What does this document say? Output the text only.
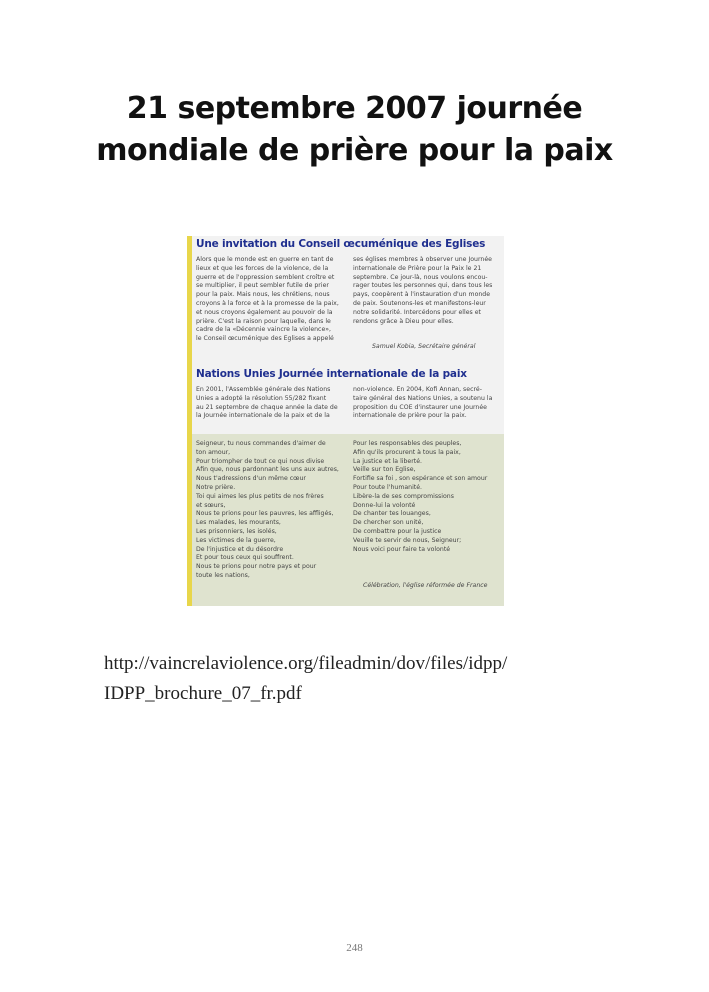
21 septembre 2007 journée mondiale de prière pour la paix
Une invitation du Conseil œcuménique des Eglises
Alors que le monde est en guerre en tant de
lieux et que les forces de la violence, de la
guerre et de l'oppression semblent croître et
se multiplier, il peut sembler futile de prier
pour la paix. Mais nous, les chrétiens, nous
croyons à la force et à la promesse de la paix,
et nous croyons également au pouvoir de la
prière. C'est la raison pour laquelle, dans le
cadre de la «Décennie vaincre la violence»,
le Conseil œcuménique des Eglises a appelé
ses églises membres à observer une Journée
internationale de Prière pour la Paix le 21
septembre. Ce jour-là, nous voulons encou-
rager toutes les personnes qui, dans tous les
pays, coopèrent à l'instauration d'un monde
de paix. Soutenons-les et manifestons-leur
notre solidarité. Intercédons pour elles et
rendons grâce à Dieu pour elles.
Samuel Kobia, Secrétaire général
Nations Unies Journée internationale de la paix
En 2001, l'Assemblée générale des Nations
Unies a adopté la résolution 55/282 fixant
au 21 septembre de chaque année la date de
la Journée internationale de la paix et de la
non-violence. En 2004, Kofi Annan, secré-
taire général des Nations Unies, a soutenu la
proposition du COE d'instaurer une Journée
internationale de prière pour la paix.
Seigneur, tu nous commandes d'aimer de
ton amour,
Pour triompher de tout ce qui nous divise
Afin que, nous pardonnant les uns aux autres,
Nous t'adressions d'un même cœur
Notre prière.
Toi qui aimes les plus petits de nos frères
et sœurs,
Nous te prions pour les pauvres, les affligés,
Les malades, les mourants,
Les prisonniers, les isolés,
Les victimes de la guerre,
De l'injustice et du désordre
Et pour tous ceux qui souffrent.
Nous te prions pour notre pays et pour
toute les nations,
Pour les responsables des peuples,
Afin qu'ils procurent à tous la paix,
La justice et la liberté.
Veille sur ton Eglise,
Fortifie sa foi , son espérance et son amour
Pour toute l'humanité.
Libère-la de ses compromissions
Donne-lui la volonté
De chanter tes louanges,
De chercher son unité,
De combattre pour la justice
Veuille te servir de nous, Seigneur;
Nous voici pour faire ta volonté
Célébration, l'église réformée de France
http://vaincrelaviolence.org/fileadmin/dov/files/idpp/
IDPP_brochure_07_fr.pdf
248
